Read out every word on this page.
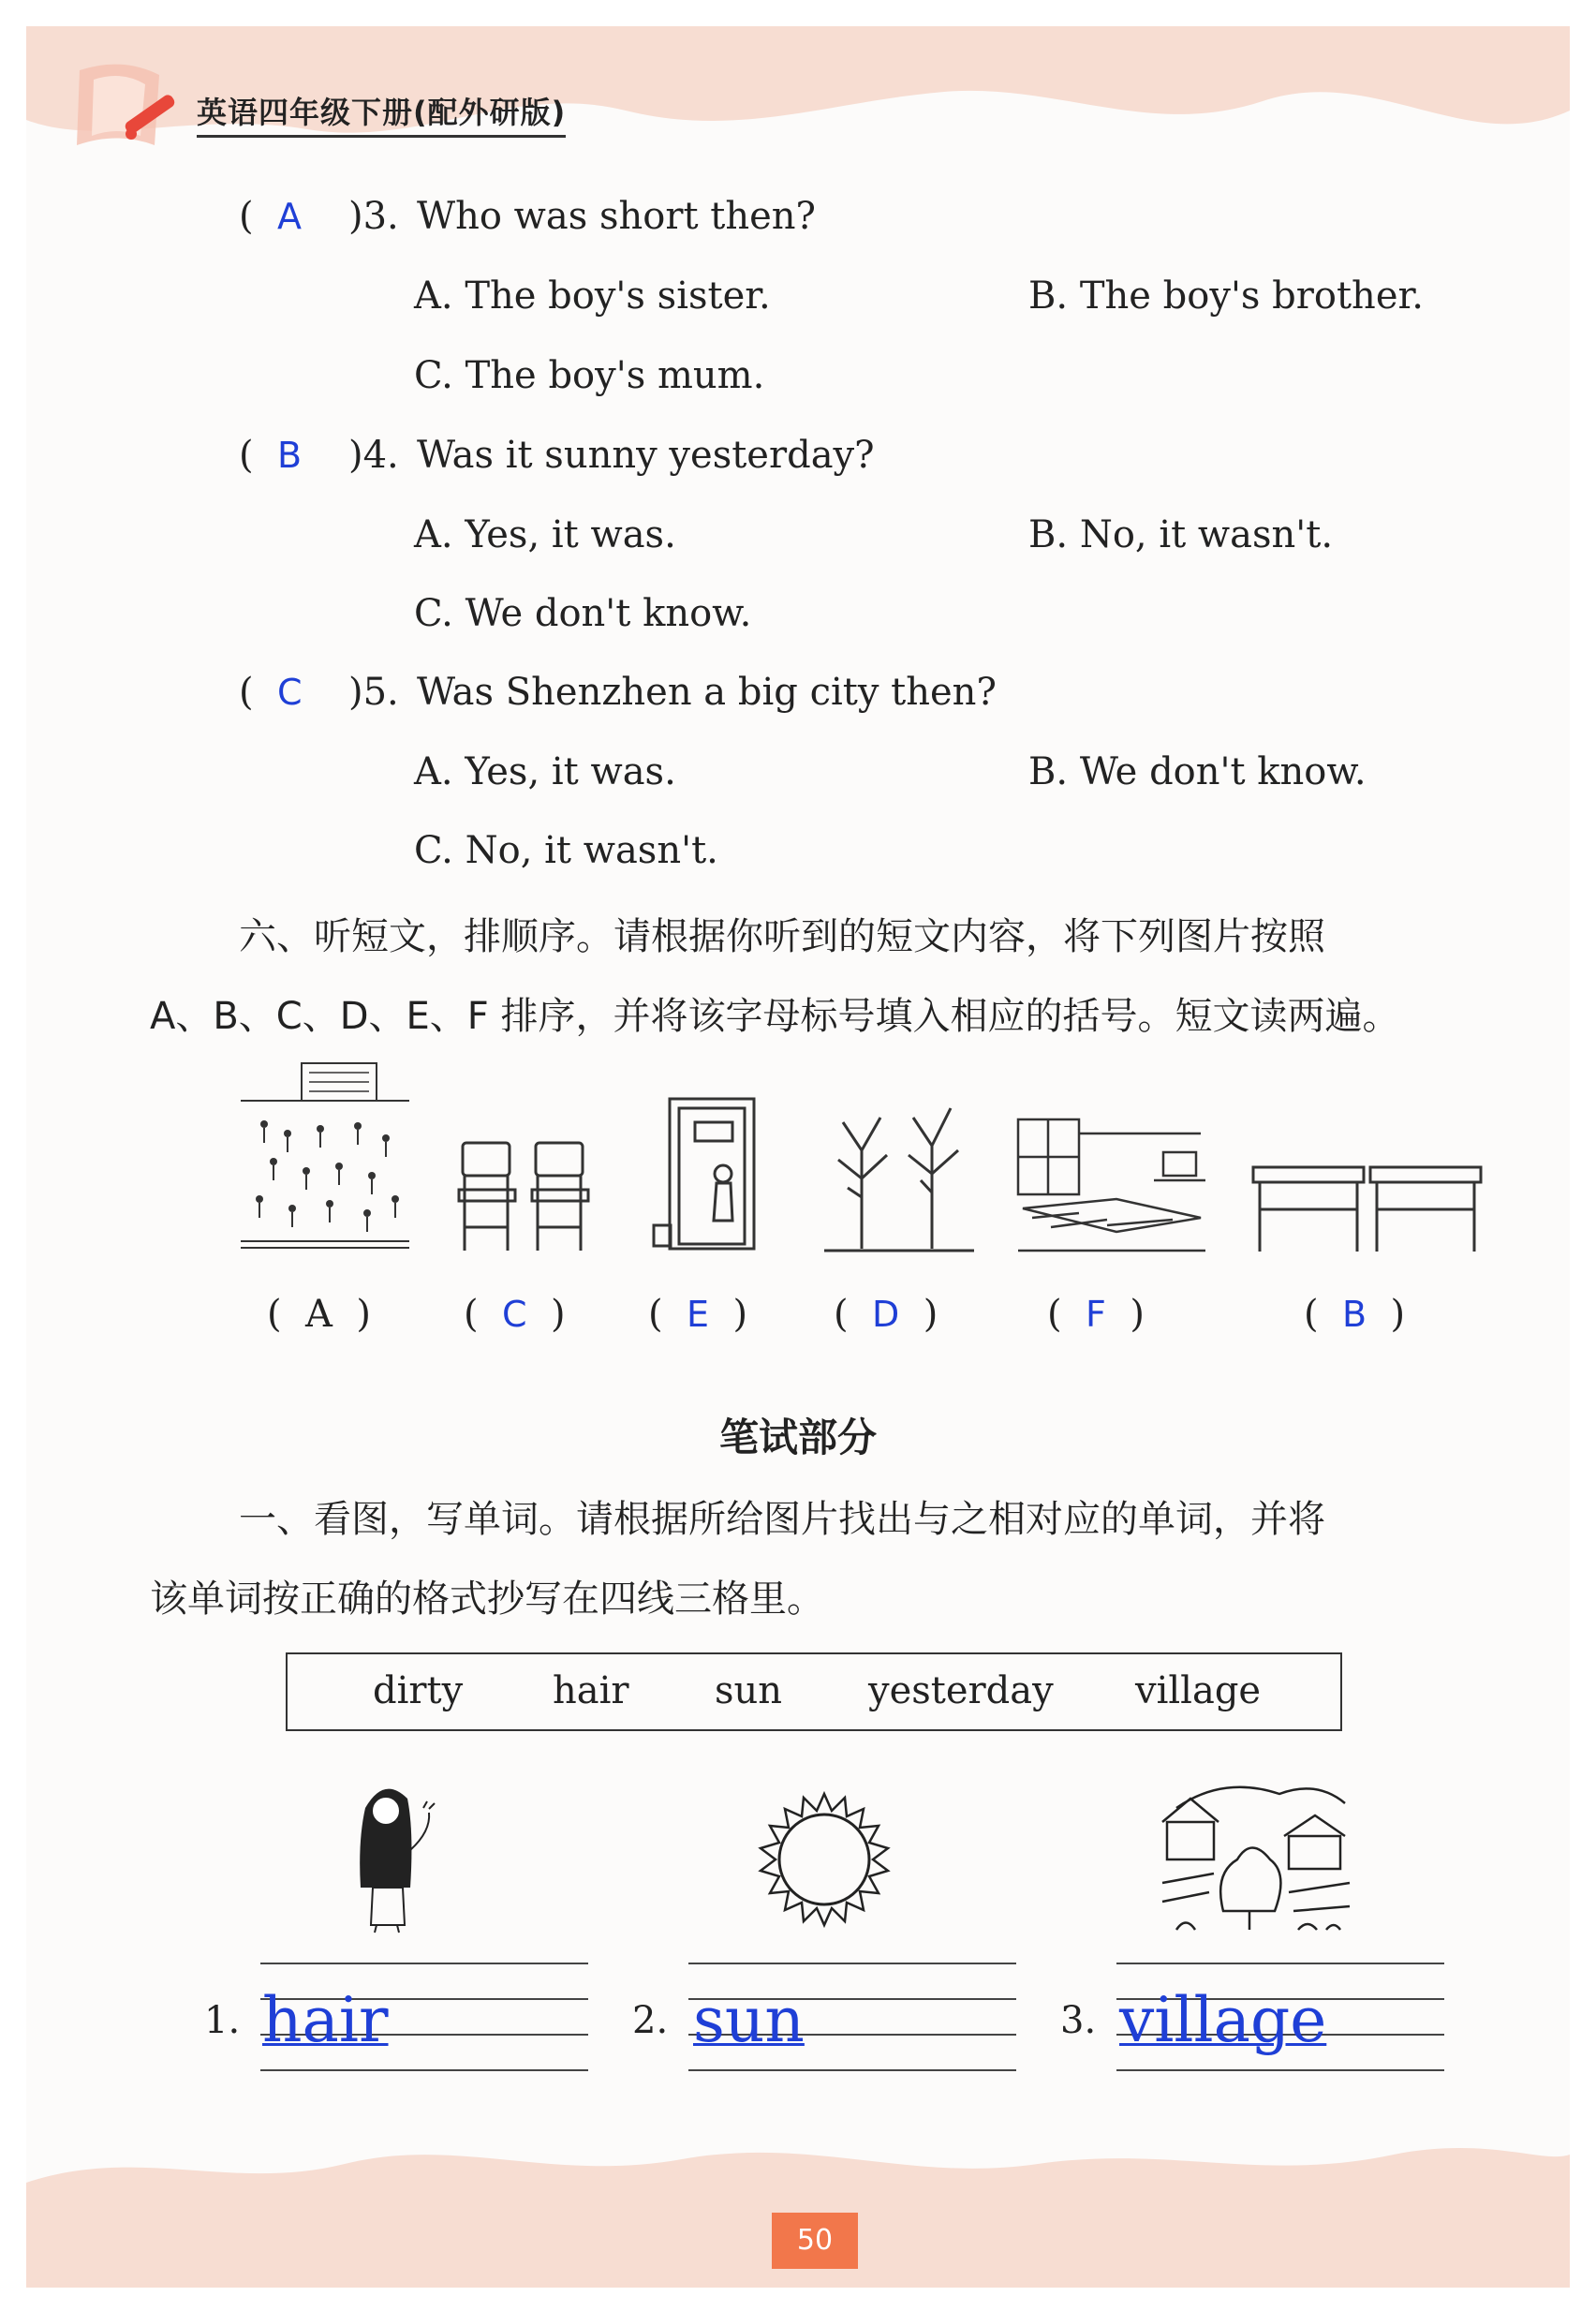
英语四年级下册(配外研版)
(  A	)3. Who was short then?
A. The boy's sister.	B. The boy's brother.
C. The boy's mum.
(  B	)4. Was it sunny yesterday?
A. Yes, it was.	B. No, it wasn't.
C. We don't know.
(  C	)5. Was Shenzhen a big city then?
A. Yes, it was.	B. We don't know.
C. No, it wasn't.
六、听短文，排顺序。请根据你听到的短文内容，将下列图片按照
A、B、C、D、E、F 排序，并将该字母标号填入相应的括号。短文读两遍。
(  A  ) (  C  ) (  E  ) (  D  )	(  F  )	(  B  )
笔试部分
一、看图，写单词。请根据所给图片找出与之相对应的单词，并将
该单词按正确的格式抄写在四线三格里。
dirty hair sun yesterday village
1.	2.	3.
hair	sun	village
50
